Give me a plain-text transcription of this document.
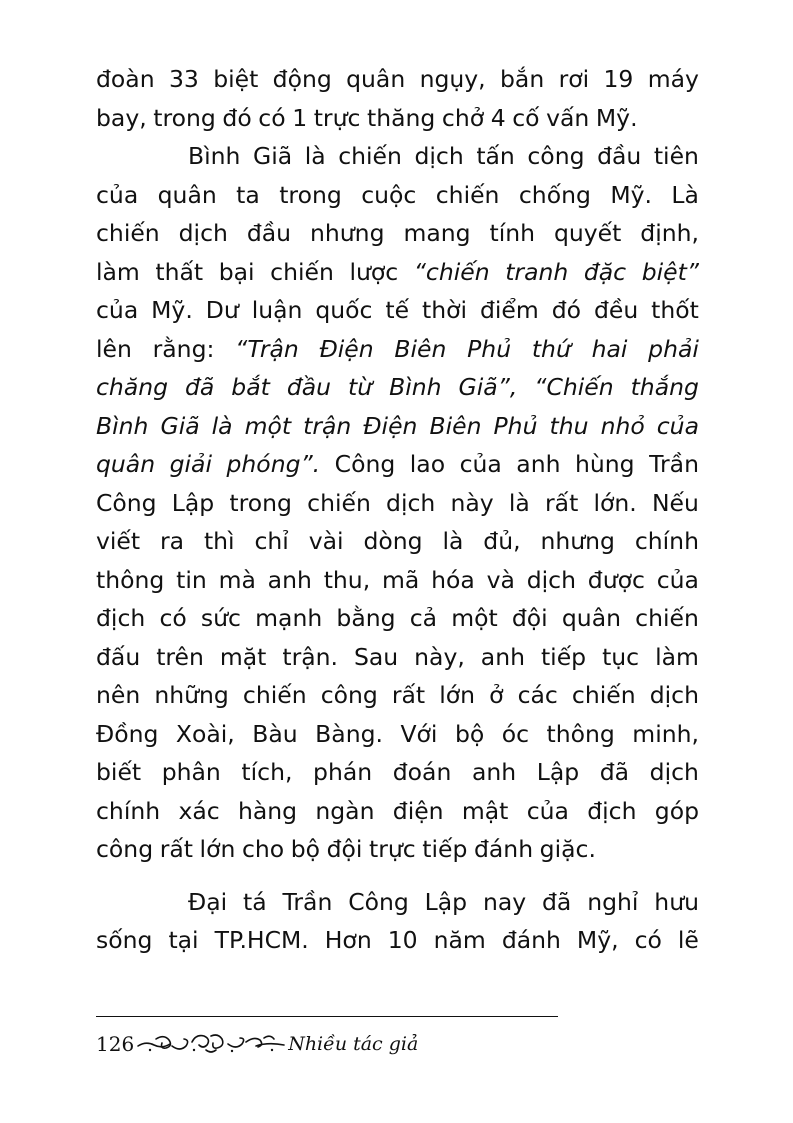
đoàn 33 biệt động quân ngụy, bắn rơi 19 máy
bay, trong đó có 1 trực thăng chở 4 cố vấn Mỹ.
Bình Giã là chiến dịch tấn công đầu tiên
của quân ta trong cuộc chiến chống Mỹ. Là
chiến dịch đầu nhưng mang tính quyết định,
làm thất bại chiến lược “chiến tranh đặc biệt”
của Mỹ. Dư luận quốc tế thời điểm đó đều thốt
lên rằng: “Trận Điện Biên Phủ thứ hai phải
chăng đã bắt đầu từ Bình Giã”, “Chiến thắng
Bình Giã là một trận Điện Biên Phủ thu nhỏ của
quân giải phóng”. Công lao của anh hùng Trần
Công Lập trong chiến dịch này là rất lớn. Nếu
viết ra thì chỉ vài dòng là đủ, nhưng chính
thông tin mà anh thu, mã hóa và dịch được của
địch có sức mạnh bằng cả một đội quân chiến
đấu trên mặt trận. Sau này, anh tiếp tục làm
nên những chiến công rất lớn ở các chiến dịch
Đồng Xoài, Bàu Bàng. Với bộ óc thông minh,
biết phân tích, phán đoán anh Lập đã dịch
chính xác hàng ngàn điện mật của địch góp
công rất lớn cho bộ đội trực tiếp đánh giặc.
Đại tá Trần Công Lập nay đã nghỉ hưu
sống tại TP.HCM. Hơn 10 năm đánh Mỹ, có lẽ
126	Nhiều tác giả
